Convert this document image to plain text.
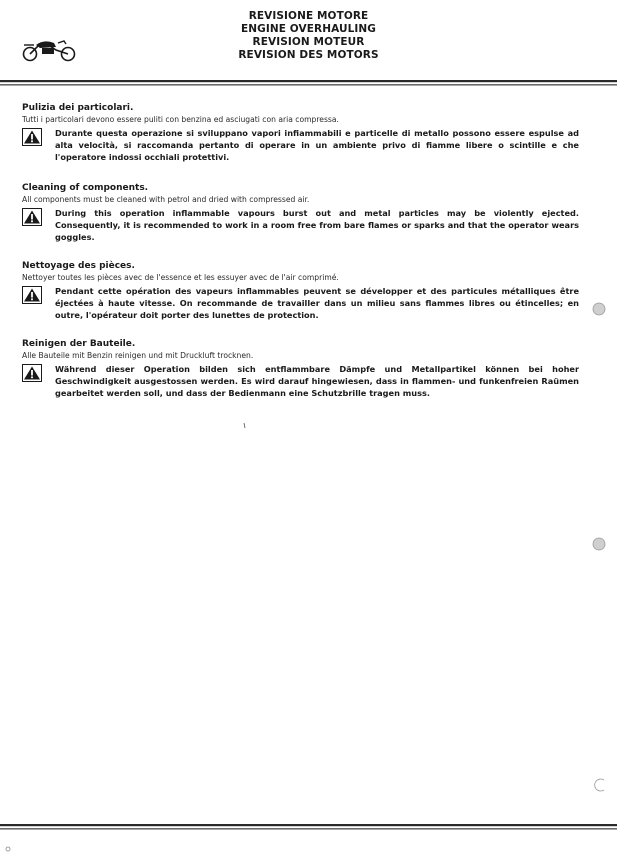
REVISIONE MOTORE
ENGINE OVERHAULING
REVISION MOTEUR
REVISION DES MOTORS

Pulizia dei particolari.

Tutti i particolari devono essere puliti con benzina ed asciugati con aria compressa.

Durante questa operazione si sviluppano vapori infiammabili e particelle di metallo possono essere espulse ad alta velocità, si raccomanda pertanto di operare in un ambiente privo di fiamme libere o scintille e che l'operatore indossi occhiali protettivi.

Cleaning of components.

All components must be cleaned with petrol and dried with compressed air.

During this operation inflammable vapours burst out and metal particles may be violently ejected. Consequently, it is recommended to work in a room free from bare flames or sparks and that the operator wears goggles.

Nettoyage des pièces.

Nettoyer toutes les pièces avec de l'essence et les essuyer avec de l'air comprimé.

Pendant cette opération des vapeurs inflammables peuvent se développer et des particules métalliques être éjectées à haute vitesse. On recommande de travailler dans un milieu sans flammes libres ou étincelles; en outre, l'opérateur doit porter des lunettes de protection.

Reinigen der Bauteile.

Alle Bauteile mit Benzin reinigen und mit Druckluft trocknen.

Während dieser Operation bilden sich entflammbare Dämpfe und Metallpartikel können bei hoher Geschwindigkeit ausgestossen werden. Es wird darauf hingewiesen, dass in flammen- und funkenfreien Raümen gearbeitet werden soll, und dass der Bedienmann eine Schutzbrille tragen muss.
